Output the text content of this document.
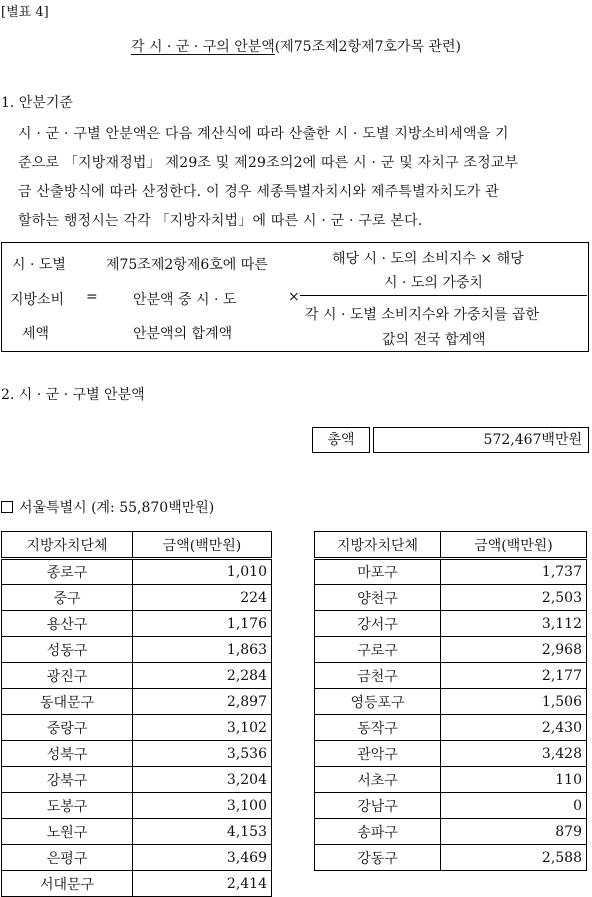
[별표 4]
각 시 · 군 · 구의 안분액(제75조제2항제7호가목 관련)
1. 안분기준
시 · 군 · 구별 안분액은 다음 계산식에 따라 산출한 시 · 도별 지방소비세액을 기
준으로 「지방재정법」 제29조 및 제29조의2에 따른 시 · 군 및 자치구 조정교부
금 산출방식에 따라 산정한다. 이 경우 세종특별자치시와 제주특별자치도가 관
할하는 행정시는 각각 「지방자치법」에 따른 시 · 군 · 구로 본다.
시 · 도별
지방소비
세액
=
제75조제2항제6호에 따른
안분액 중 시 · 도
안분액의 합계액
×
해당 시 · 도의 소비지수 × 해당
시 · 도의 가중치
각 시 · 도별 소비지수와 가중치를 곱한
값의 전국 합계액
2. 시 · 군 · 구별 안분액
총액	572,467백만원
서울특별시 (계: 55,870백만원)
지방자치단체	금액(백만원)
종로구	1,010
중구	224
용산구	1,176
성동구	1,863
광진구	2,284
동대문구	2,897
중랑구	3,102
성북구	3,536
강북구	3,204
도봉구	3,100
노원구	4,153
은평구	3,469
서대문구	2,414
지방자치단체	금액(백만원)
마포구	1,737
양천구	2,503
강서구	3,112
구로구	2,968
금천구	2,177
영등포구	1,506
동작구	2,430
관악구	3,428
서초구	110
강남구	0
송파구	879
강동구	2,588
